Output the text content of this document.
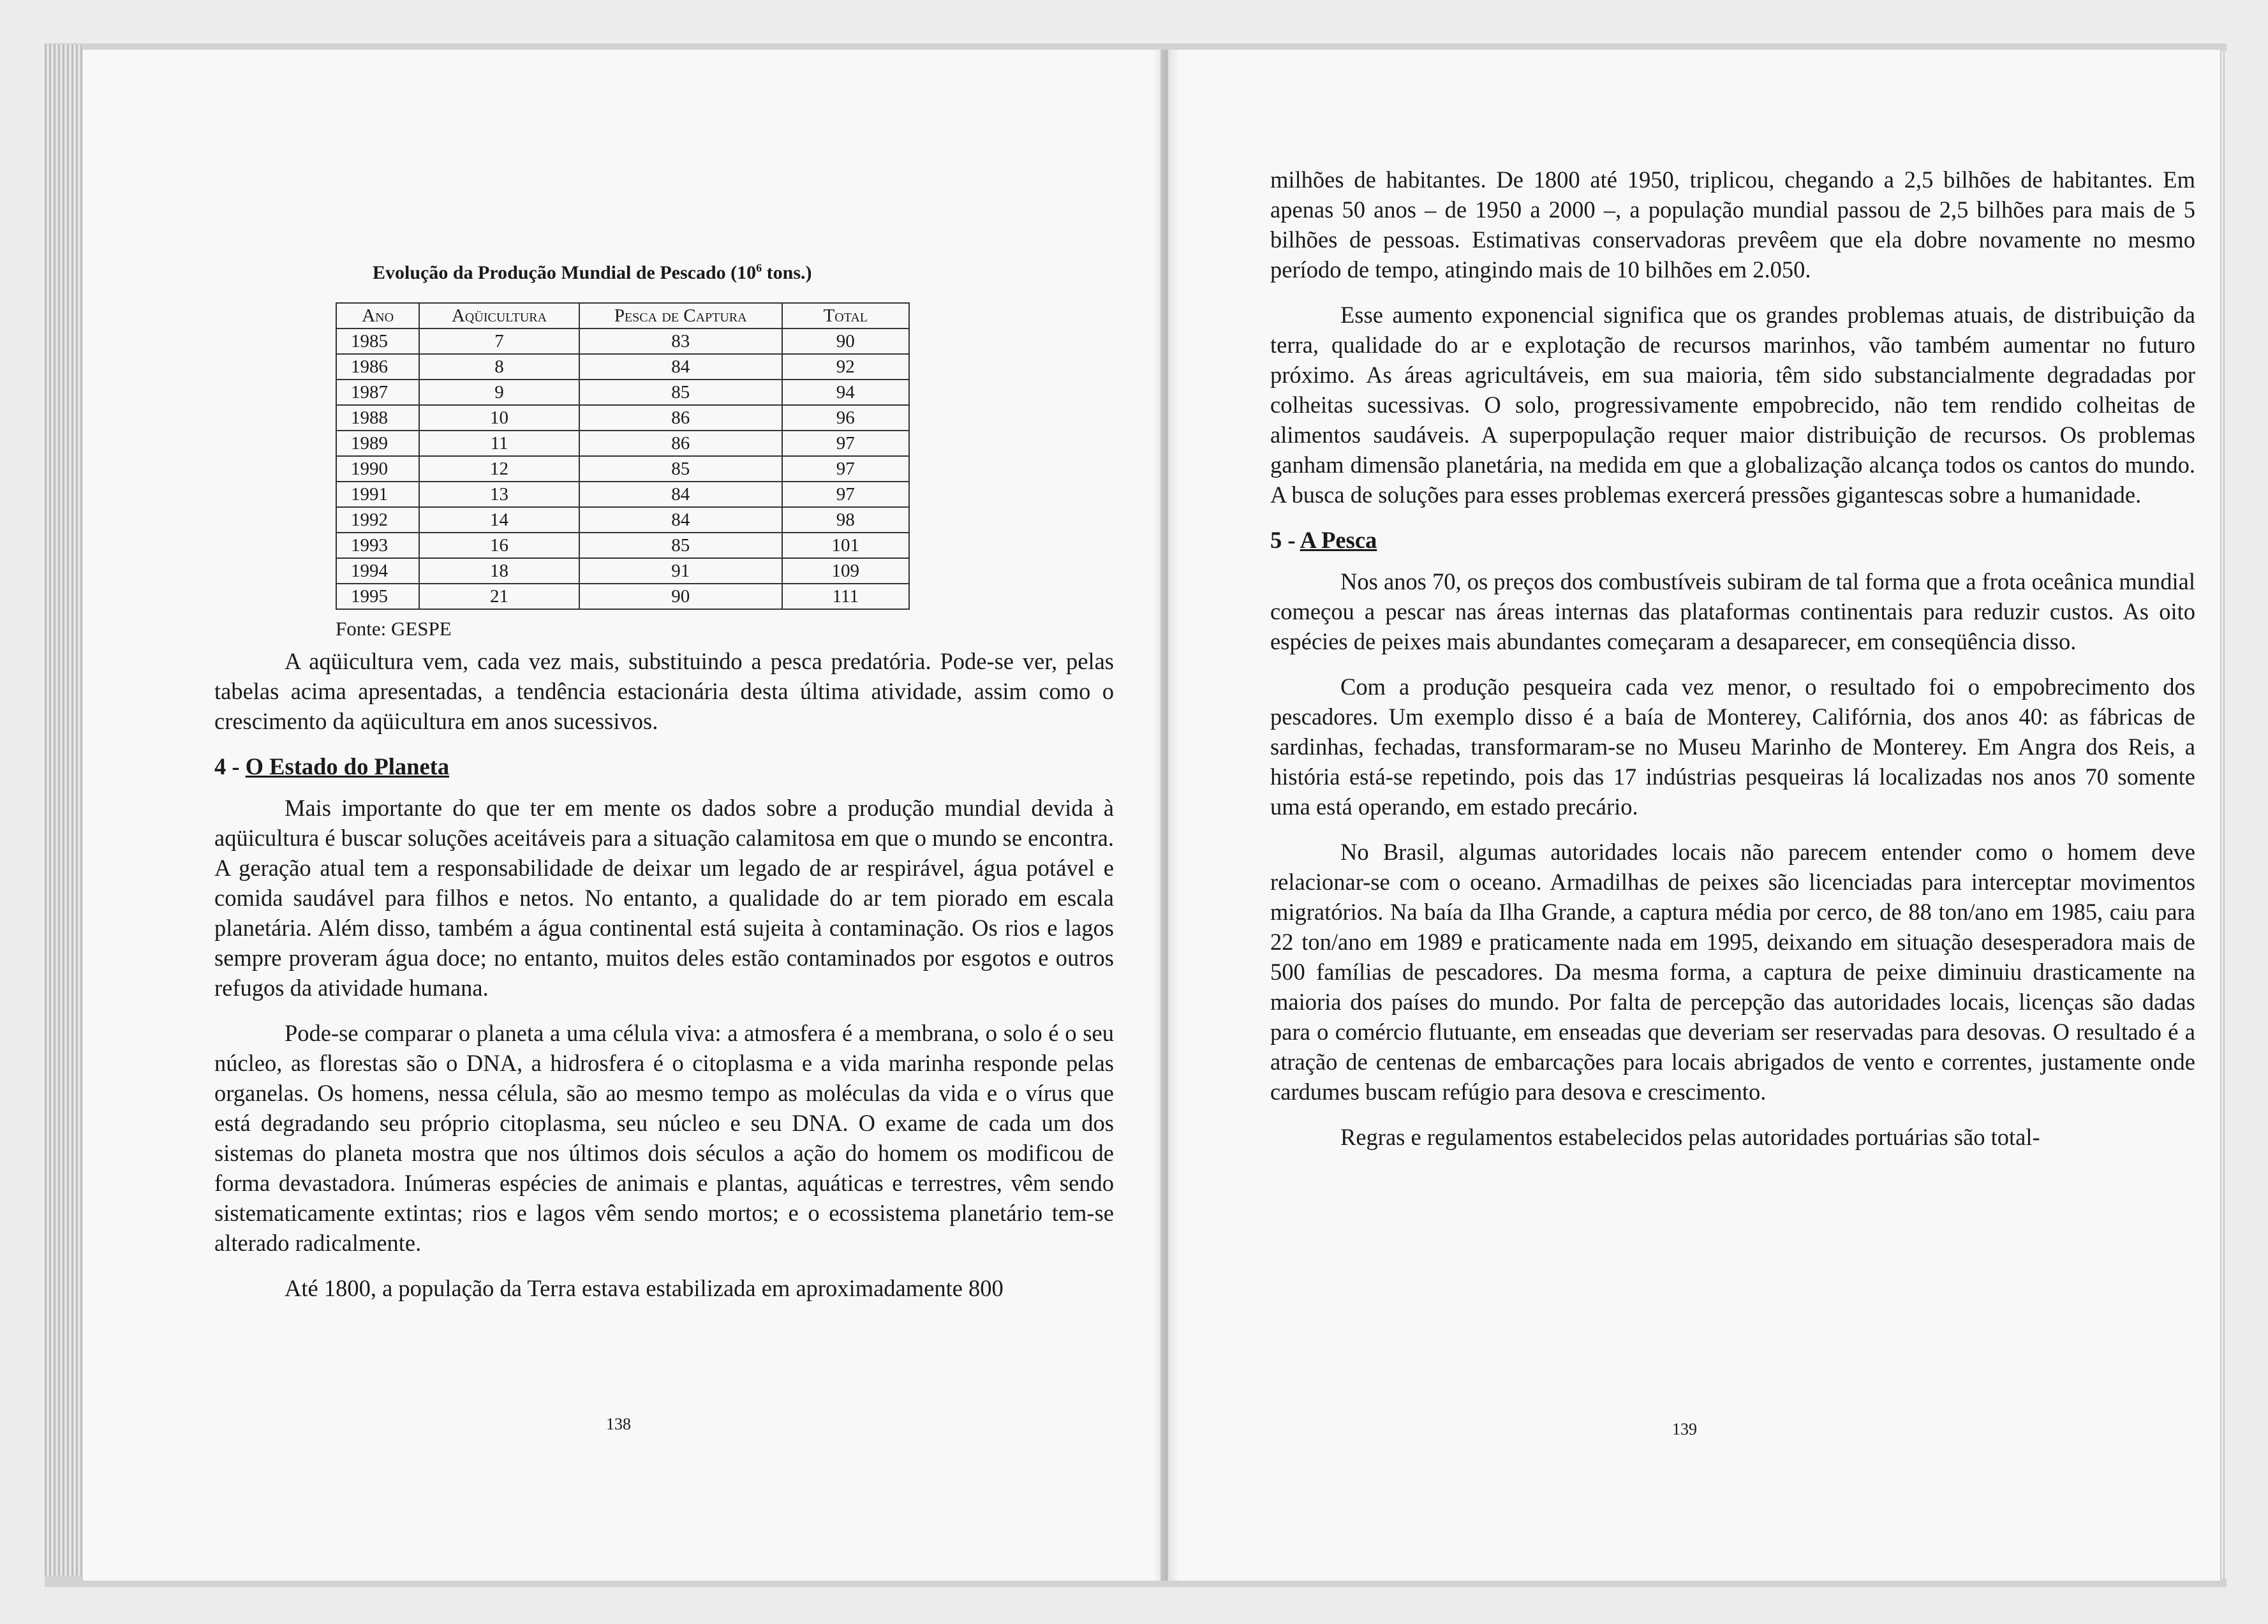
Evolução da Produção Mundial de Pescado ($10^6$ tons.)
Ano	Aqüicultura	Pesca de Captura	Total
1985	7	83	90
1986	8	84	92
1987	9	85	94
1988	10	86	96
1989	11	86	97
1990	12	85	97
1991	13	84	97
1992	14	84	98
1993	16	85	101
1994	18	91	109
1995	21	90	111
Fonte: GESPE

A aqüicultura vem, cada vez mais, substituindo a pesca predatória. Pode-se ver, pelas tabelas acima apresentadas, a tendência estacionária desta última atividade, assim como o crescimento da aqüicultura em anos sucessivos.

4 - O Estado do Planeta

Mais importante do que ter em mente os dados sobre a produção mundial devida à aqüicultura é buscar soluções aceitáveis para a situação calamitosa em que o mundo se encontra. A geração atual tem a responsabilidade de deixar um legado de ar respirável, água potável e comida saudável para filhos e netos. No entanto, a qualidade do ar tem piorado em escala planetária. Além disso, também a água continental está sujeita à contaminação. Os rios e lagos sempre proveram água doce; no entanto, muitos deles estão contaminados por esgotos e outros refugos da atividade humana.

Pode-se comparar o planeta a uma célula viva: a atmosfera é a membrana, o solo é o seu núcleo, as florestas são o DNA, a hidrosfera é o citoplasma e a vida marinha responde pelas organelas. Os homens, nessa célula, são ao mesmo tempo as moléculas da vida e o vírus que está degradando seu próprio citoplasma, seu núcleo e seu DNA. O exame de cada um dos sistemas do planeta mostra que nos últimos dois séculos a ação do homem os modificou de forma devastadora. Inúmeras espécies de animais e plantas, aquáticas e terrestres, vêm sendo sistematicamente extintas; rios e lagos vêm sendo mortos; e o ecossistema planetário tem-se alterado radicalmente.

Até 1800, a população da Terra estava estabilizada em aproximadamente 800

138

milhões de habitantes. De 1800 até 1950, triplicou, chegando a 2,5 bilhões de habitantes. Em apenas 50 anos – de 1950 a 2000 –, a população mundial passou de 2,5 bilhões para mais de 5 bilhões de pessoas. Estimativas conservadoras prevêem que ela dobre novamente no mesmo período de tempo, atingindo mais de 10 bilhões em 2.050.

Esse aumento exponencial significa que os grandes problemas atuais, de distribuição da terra, qualidade do ar e explotação de recursos marinhos, vão também aumentar no futuro próximo. As áreas agricultáveis, em sua maioria, têm sido substancialmente degradadas por colheitas sucessivas. O solo, progressivamente empobrecido, não tem rendido colheitas de alimentos saudáveis. A superpopulação requer maior distribuição de recursos. Os problemas ganham dimensão planetária, na medida em que a globalização alcança todos os cantos do mundo. A busca de soluções para esses problemas exercerá pressões gigantescas sobre a humanidade.

5 - A Pesca

Nos anos 70, os preços dos combustíveis subiram de tal forma que a frota oceânica mundial começou a pescar nas áreas internas das plataformas continentais para reduzir custos. As oito espécies de peixes mais abundantes começaram a desaparecer, em conseqüência disso.

Com a produção pesqueira cada vez menor, o resultado foi o empobrecimento dos pescadores. Um exemplo disso é a baía de Monterey, Califórnia, dos anos 40: as fábricas de sardinhas, fechadas, transformaram-se no Museu Marinho de Monterey. Em Angra dos Reis, a história está-se repetindo, pois das 17 indústrias pesqueiras lá localizadas nos anos 70 somente uma está operando, em estado precário.

No Brasil, algumas autoridades locais não parecem entender como o homem deve relacionar-se com o oceano. Armadilhas de peixes são licenciadas para interceptar movimentos migratórios. Na baía da Ilha Grande, a captura média por cerco, de 88 ton/ano em 1985, caiu para 22 ton/ano em 1989 e praticamente nada em 1995, deixando em situação desesperadora mais de 500 famílias de pescadores. Da mesma forma, a captura de peixe diminuiu drasticamente na maioria dos países do mundo. Por falta de percepção das autoridades locais, licenças são dadas para o comércio flutuante, em enseadas que deveriam ser reservadas para desovas. O resultado é a atração de centenas de embarcações para locais abrigados de vento e correntes, justamente onde cardumes buscam refúgio para desova e crescimento.

Regras e regulamentos estabelecidos pelas autoridades portuárias são total-

139
